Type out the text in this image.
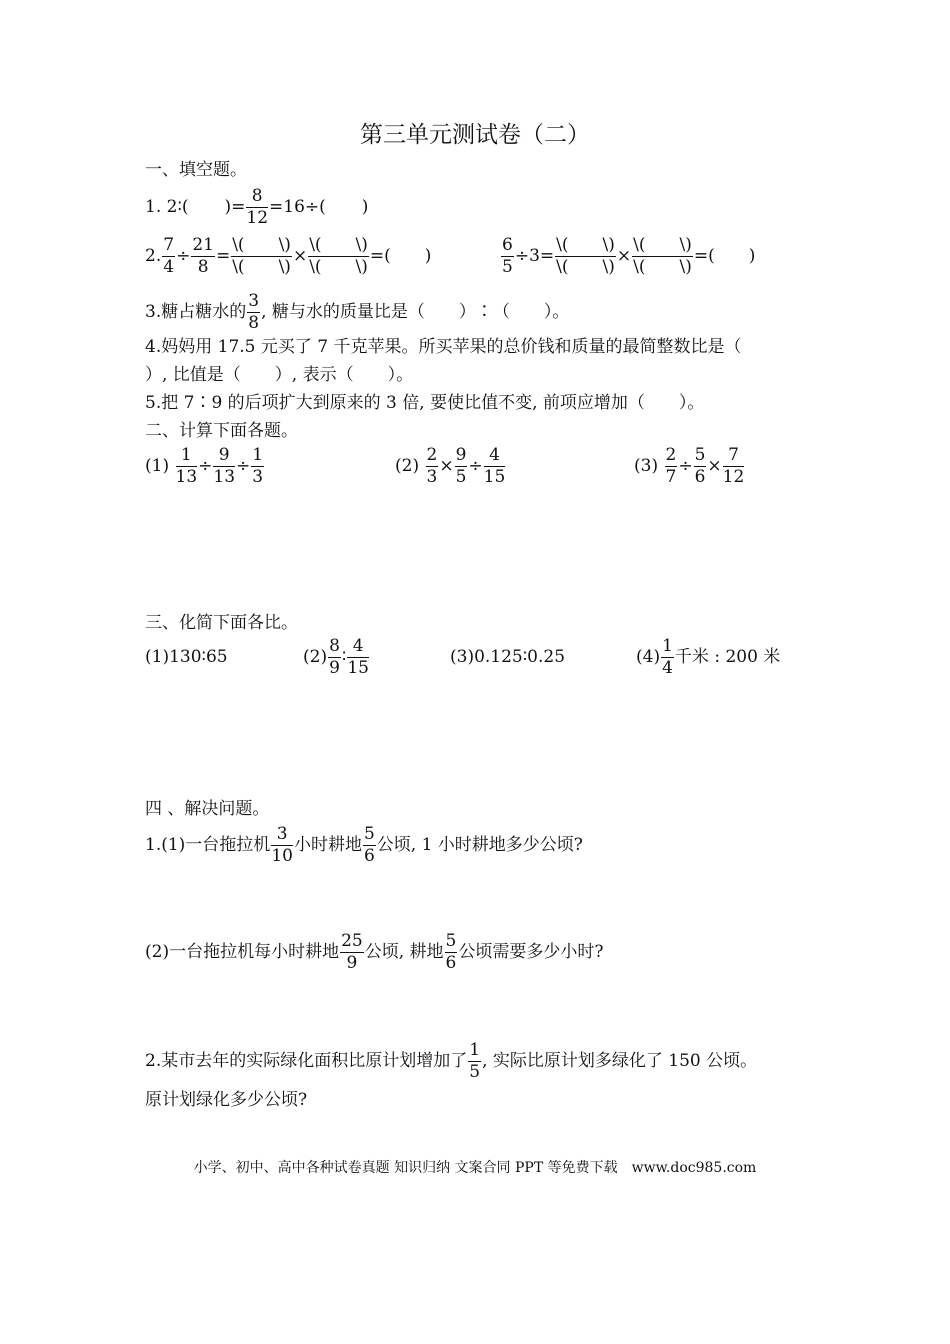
第三单元测试卷（二）
一、填空题。
1. 2∶( )= $\frac{8}{12} =16\div$( )
2. $\frac{7}{4} \div \frac{21}{8} = \frac{\backslash( \backslash)}{\backslash( \backslash)} \times \frac{\backslash( \backslash)}{\backslash( \backslash)}$ =(　　)	$\frac{6}{5} \div 3= \frac{\backslash( \backslash)}{\backslash( \backslash)} \times \frac{\backslash( \backslash)}{\backslash( \backslash)}$ =(　　)
3.糖占糖水的 $\frac{3}{8}$ , 糖与水的质量比是（　　）∶（　　）。
4.妈妈用 17.5 元买了 7 千克苹果。所买苹果的总价钱和质量的最简整数比是（
）, 比值是（　　）, 表示（　　）。
5.把 7∶9 的后项扩大到原来的 3 倍, 要使比值不变, 前项应增加（　　）。
二、计算下面各题。
$(1) \frac{1}{13} \div \frac{9}{13} \div \frac{1}{3}$	$(2) \frac{2}{3} \times \frac{9}{5} \div \frac{4}{15}$	$(3) \frac{2}{7} \div \frac{5}{6} \times \frac{7}{12}$
三、化简下面各比。
(1)130∶65	$(2) \frac{8}{9}$ ∶ $\frac{4}{15}$	(3)0.125∶0.25	$(4) \frac{1}{4}$ 千米 : 200 米
四 、解决问题。
1.(1)一台拖拉机 $\frac{3}{10}$ 小时耕地 $\frac{5}{6}$ 公顷, 1 小时耕地多少公顷?
(2)一台拖拉机每小时耕地 $\frac{25}{9}$ 公顷, 耕地 $\frac{5}{6}$ 公顷需要多少小时?
2.某市去年的实际绿化面积比原计划增加了 $\frac{1}{5}$ , 实际比原计划多绿化了 150 公顷。
原计划绿化多少公顷?
小学、初中、高中各种试卷真题 知识归纳 文案合同 PPT 等免费下载　www.doc985.com
